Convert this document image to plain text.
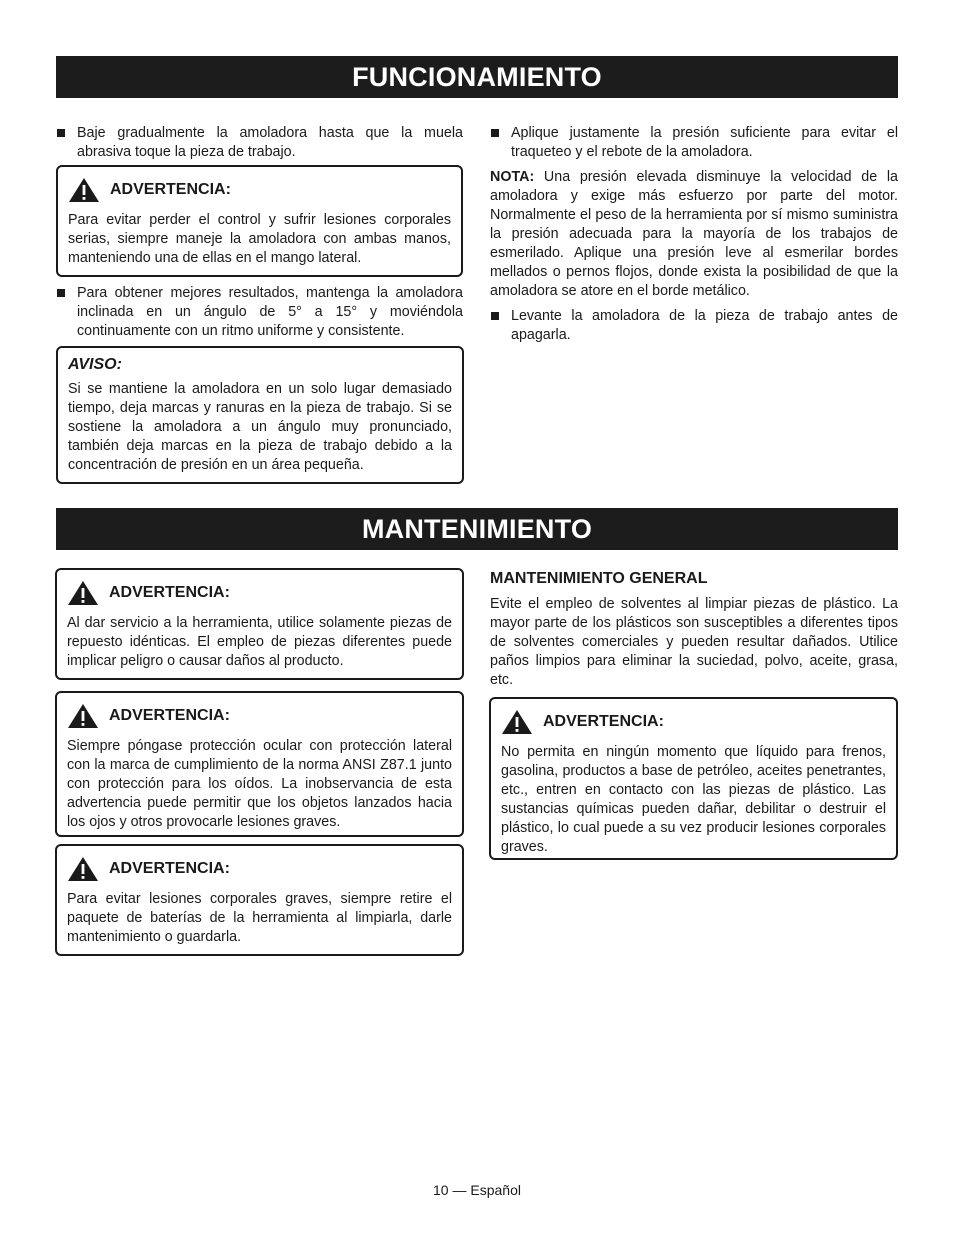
FUNCIONAMIENTO

Baje gradualmente la amoladora hasta que la muela abrasiva toque la pieza de trabajo.

ADVERTENCIA:

Para evitar perder el control y sufrir lesiones corporales serias, siempre maneje la amoladora con ambas manos, manteniendo una de ellas en el mango lateral.

Para obtener mejores resultados, mantenga la amoladora inclinada en un ángulo de 5° a 15° y moviéndola continuamente con un ritmo uniforme y consistente.

AVISO:

Si se mantiene la amoladora en un solo lugar demasiado tiempo, deja marcas y ranuras en la pieza de trabajo. Si se sostiene la amoladora a un ángulo muy pronunciado, también deja marcas en la pieza de trabajo debido a la concentración de presión en un área pequeña.

Aplique justamente la presión suficiente para evitar el traqueteo y el rebote de la amoladora.

NOTA: Una presión elevada disminuye la velocidad de la amoladora y exige más esfuerzo por parte del motor. Normalmente el peso de la herramienta por sí mismo suministra la presión adecuada para la mayoría de los trabajos de esmerilado. Aplique una presión leve al esmerilar bordes mellados o pernos flojos, donde exista la posibilidad de que la amoladora se atore en el borde metálico.

Levante la amoladora de la pieza de trabajo antes de apagarla.

MANTENIMIENTO
ADVERTENCIA:

Al dar servicio a la herramienta, utilice solamente piezas de repuesto idénticas. El empleo de piezas diferentes puede implicar peligro o causar daños al producto.

ADVERTENCIA:

Siempre póngase protección ocular con protección lateral con la marca de cumplimiento de la norma ANSI Z87.1 junto con protección para los oídos. La inobservancia de esta advertencia puede permitir que los objetos lanzados hacia los ojos y otros provocarle lesiones graves.

ADVERTENCIA:

Para evitar lesiones corporales graves, siempre retire el paquete de baterías de la herramienta al limpiarla, darle mantenimiento o guardarla.

MANTENIMIENTO GENERAL

Evite el empleo de solventes al limpiar piezas de plástico. La mayor parte de los plásticos son susceptibles a diferentes tipos de solventes comerciales y pueden resultar dañados. Utilice paños limpios para eliminar la suciedad, polvo, aceite, grasa, etc.

ADVERTENCIA:

No permita en ningún momento que líquido para frenos, gasolina, productos a base de petróleo, aceites penetrantes, etc., entren en contacto con las piezas de plástico. Las sustancias químicas pueden dañar, debilitar o destruir el plástico, lo cual puede a su vez producir lesiones corporales graves.

10 — Español
